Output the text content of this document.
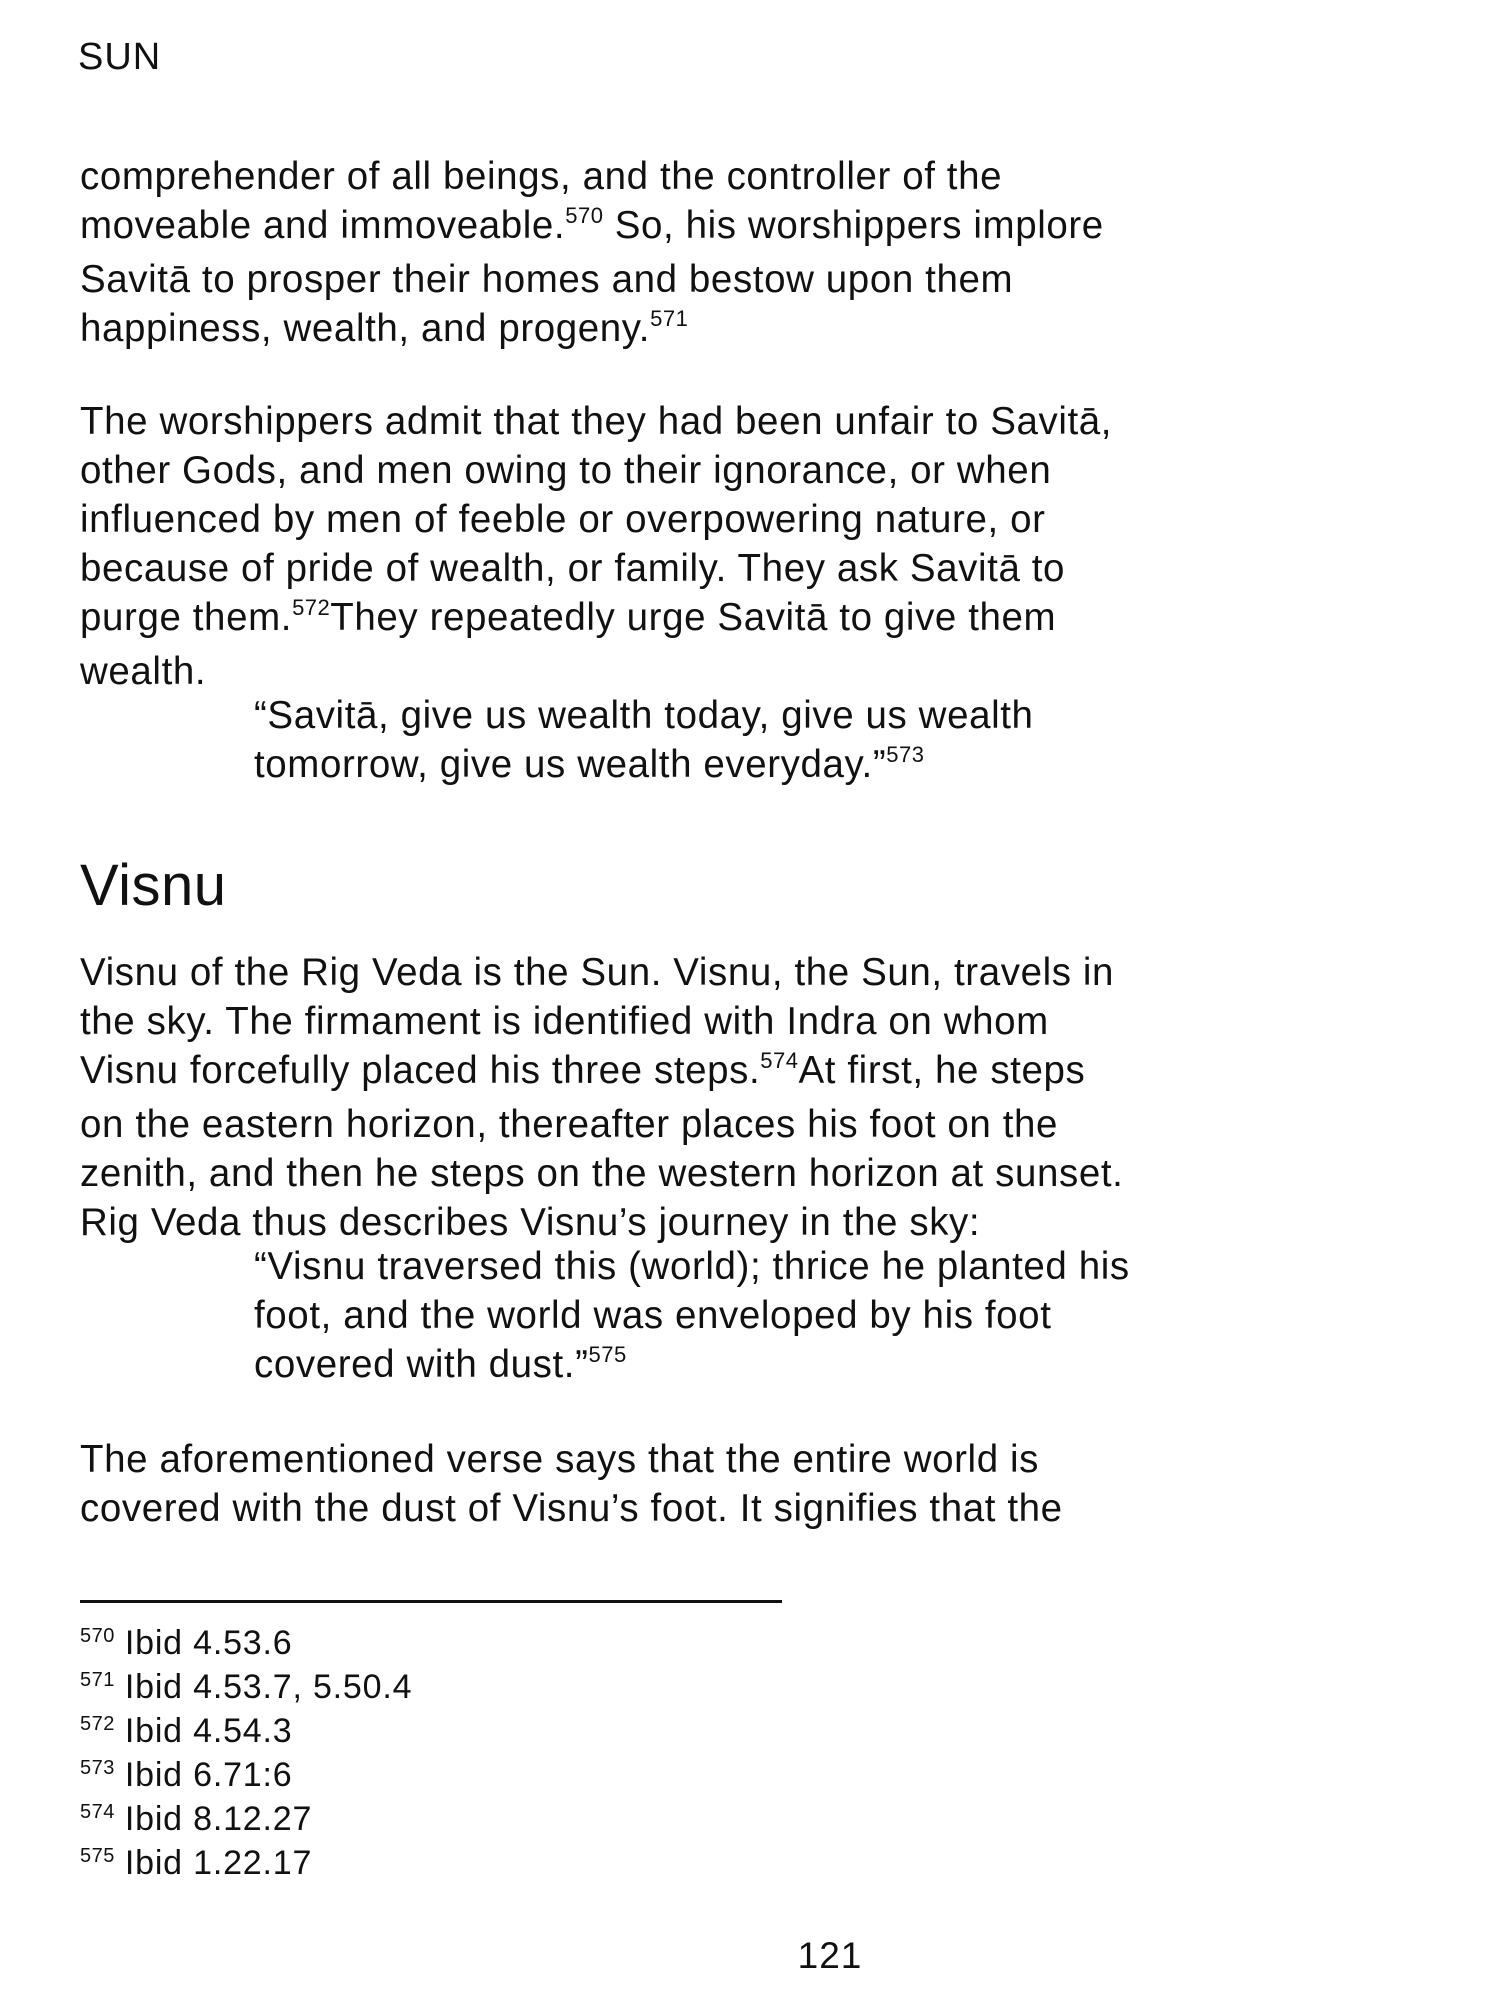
SUN

comprehender of all beings, and the controller of the
moveable and immoveable.$^{570}$ So, his worshippers implore
Savitā to prosper their homes and bestow upon them
happiness, wealth, and progeny.$^{571}$

The worshippers admit that they had been unfair to Savitā,
other Gods, and men owing to their ignorance, or when
influenced by men of feeble or overpowering nature, or
because of pride of wealth, or family. They ask Savitā to
purge them.$^{572}$They repeatedly urge Savitā to give them
wealth.

“Savitā, give us wealth today, give us wealth
tomorrow, give us wealth everyday.”$^{573}$

Visnu

Visnu of the Rig Veda is the Sun. Visnu, the Sun, travels in
the sky. The firmament is identified with Indra on whom
Visnu forcefully placed his three steps.$^{574}$At first, he steps
on the eastern horizon, thereafter places his foot on the
zenith, and then he steps on the western horizon at sunset.
Rig Veda thus describes Visnu’s journey in the sky:

“Visnu traversed this (world); thrice he planted his
foot, and the world was enveloped by his foot
covered with dust.”$^{575}$

The aforementioned verse says that the entire world is
covered with the dust of Visnu’s foot. It signifies that the

$^{570}$ Ibid 4.53.6
$^{571}$ Ibid 4.53.7, 5.50.4
$^{572}$ Ibid 4.54.3
$^{573}$ Ibid 6.71:6
$^{574}$ Ibid 8.12.27
$^{575}$ Ibid 1.22.17

121
